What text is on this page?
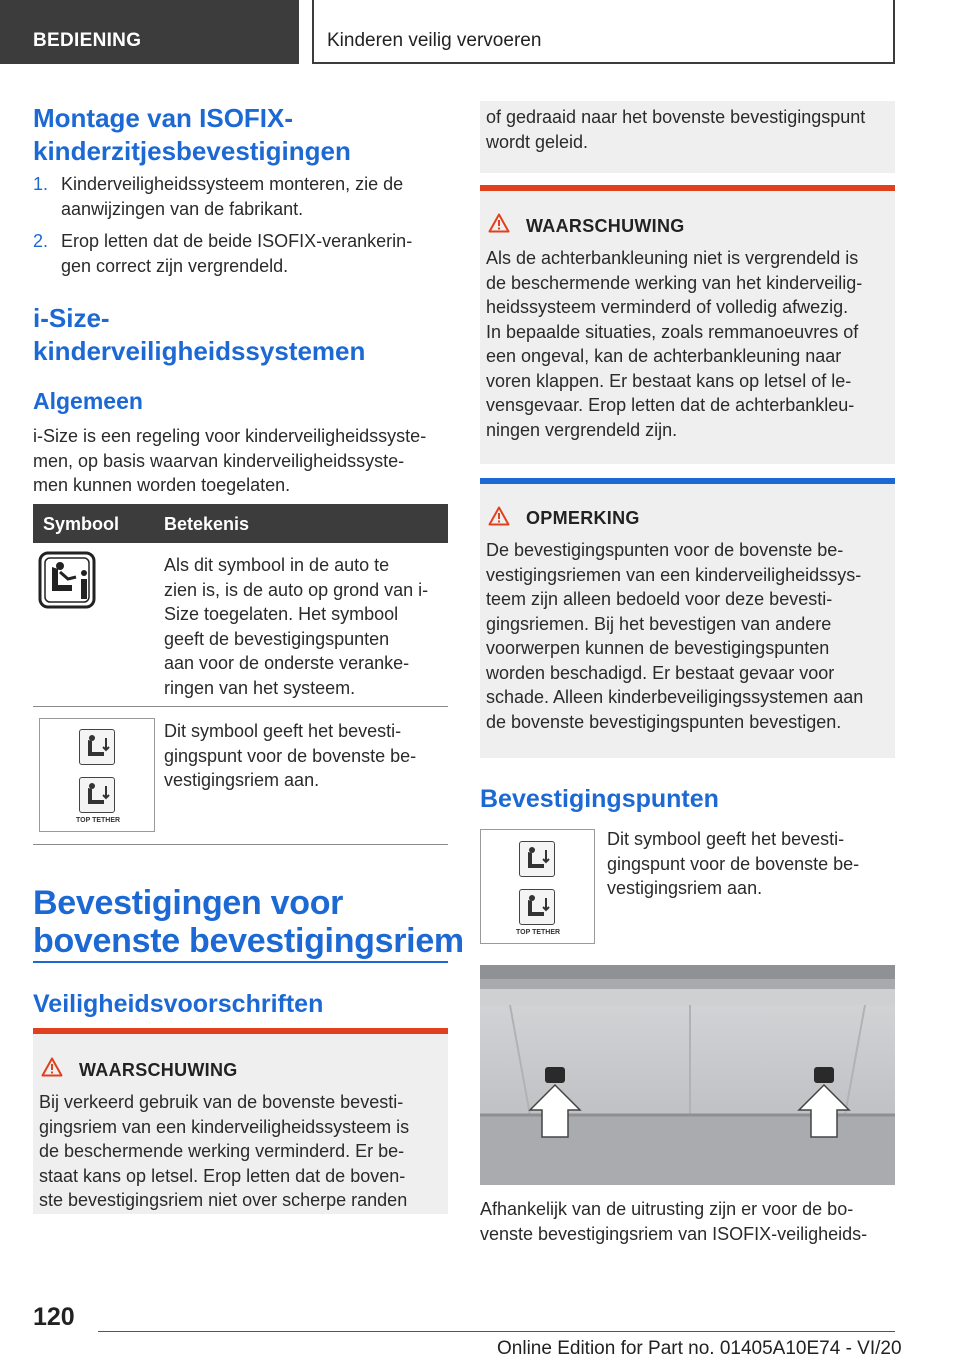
BEDIENING	Kinderen veilig vervoeren
Montage van ISOFIX-
kinderzitjesbevestigingen
1. Kinderveiligheidssysteem monteren, zie de
aanwijzingen van de fabrikant.
2. Erop letten dat de beide ISOFIX-verankerin-
gen correct zijn vergrendeld.
i-Size-
kinderveiligheidssystemen
Algemeen
i-Size is een regeling voor kinderveiligheidssyste-
men, op basis waarvan kinderveiligheidssyste-
men kunnen worden toegelaten.
Symbool Betekenis
Als dit symbool in de auto te
zien is, is de auto op grond van i-
Size toegelaten. Het symbool
geeft de bevestigingspunten
aan voor de onderste veranke-
ringen van het systeem.
TOP TETHER
Dit symbool geeft het bevesti-
gingspunt voor de bovenste be-
vestigingsriem aan.
Bevestigingen voor
bovenste bevestigingsriem
Veiligheidsvoorschriften
WAARSCHUWING
Bij verkeerd gebruik van de bovenste bevesti-
gingsriem van een kinderveiligheidssysteem is
de beschermende werking verminderd. Er be-
staat kans op letsel. Erop letten dat de boven-
ste bevestigingsriem niet over scherpe randen
of gedraaid naar het bovenste bevestigingspunt
wordt geleid.
WAARSCHUWING
Als de achterbankleuning niet is vergrendeld is
de beschermende werking van het kinderveilig-
heidssysteem verminderd of volledig afwezig.
In bepaalde situaties, zoals remmanoeuvres of
een ongeval, kan de achterbankleuning naar
voren klappen. Er bestaat kans op letsel of le-
vensgevaar. Erop letten dat de achterbankleu-
ningen vergrendeld zijn.
OPMERKING
De bevestigingspunten voor de bovenste be-
vestigingsriemen van een kinderveiligheidssys-
teem zijn alleen bedoeld voor deze bevesti-
gingsriemen. Bij het bevestigen van andere
voorwerpen kunnen de bevestigingspunten
worden beschadigd. Er bestaat gevaar voor
schade. Alleen kinderbeveiligingssystemen aan
de bovenste bevestigingspunten bevestigen.
Bevestigingspunten
TOP TETHER
Dit symbool geeft het bevesti-
gingspunt voor de bovenste be-
vestigingsriem aan.
Afhankelijk van de uitrusting zijn er voor de bo-
venste bevestigingsriem van ISOFIX-veiligheids-
120
Online Edition for Part no. 01405A10E74 - VI/20
